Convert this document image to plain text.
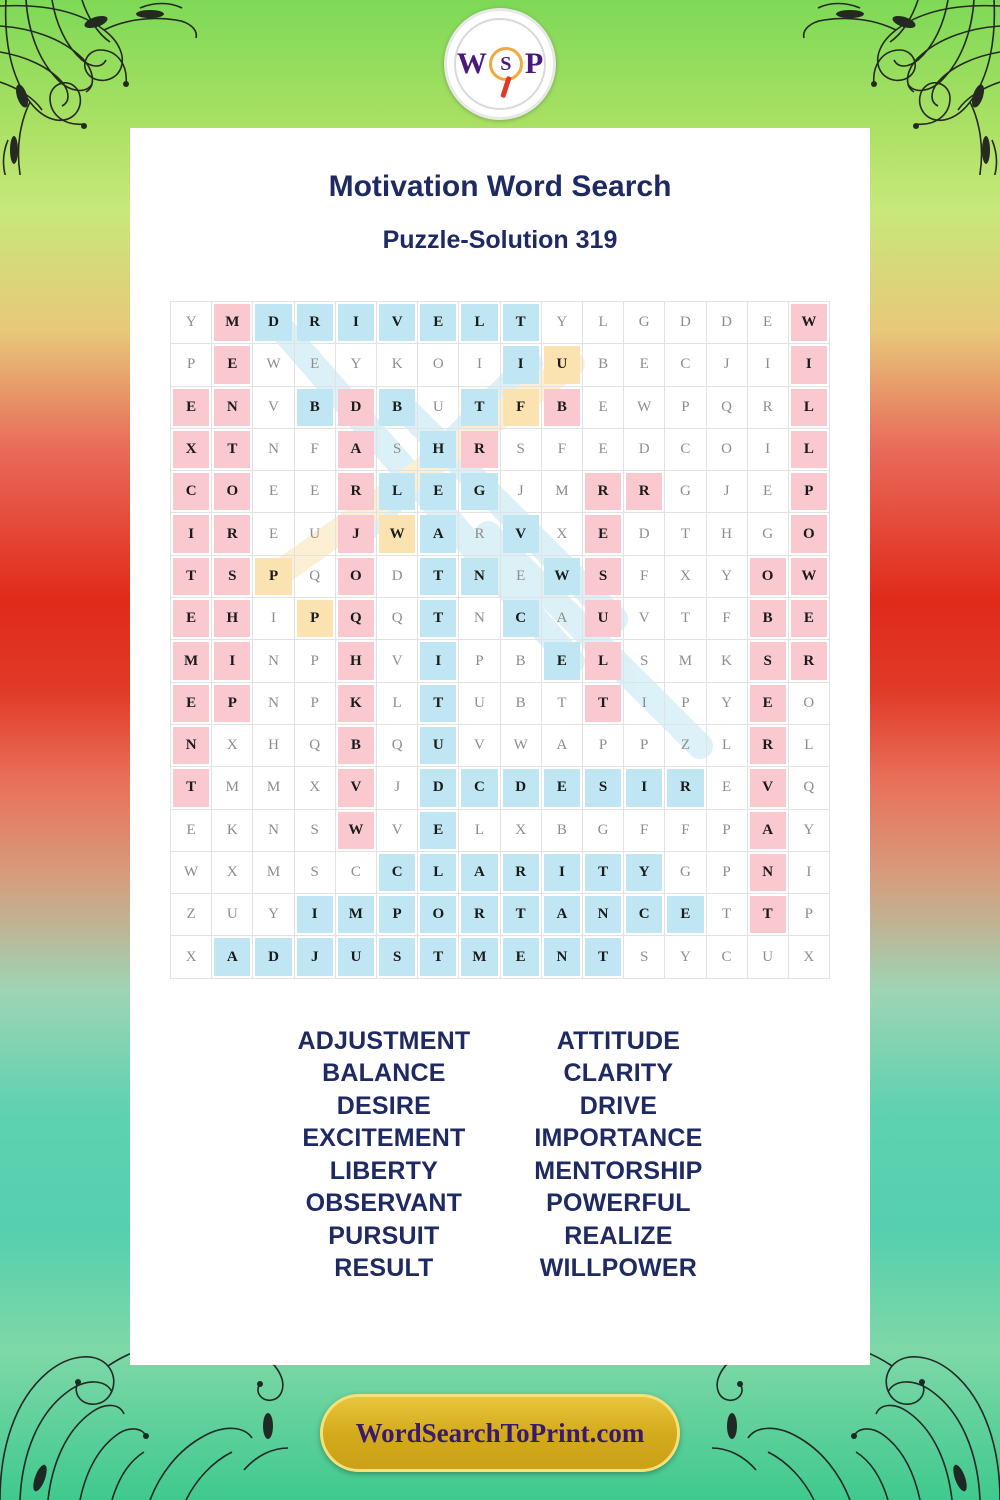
W S P
Motivation Word Search
Puzzle-Solution 319
Y	M	D	R	I	V	E	L	T	Y	L	G	D	D	E	W
P	E	W	E	Y	K	O	I	I	U	B	E	C	J	I	I

E	N	V	B	D	B	U	T	F	B	E	W	P	Q	R	L

X	T	N	F	A	S	H	R	S	F	E	D	C	O	I	L

C	O	E	E	R	L	E	G	J	M	R	R	G	J	E	P

I	R	E	U	J	W	A	R	V	X	E	D	T	H	G	O

T	S	P	Q	O	D	T	N	E	W	S	F	X	Y	O	W

E	H	I	P	Q	Q	T	N	C	A	U	V	T	F	B	E

M	I	N	P	H	V	I	P	B	E	L	S	M	K	S	R

E	P	N	P	K	L	T	U	B	T	T	I	P	Y	E	O

N	X	H	Q	B	Q	U	V	W	A	P	P	Z	L	R	L

T	M	M	X	V	J	D	C	D	E	S	I	R	E	V	Q
E	K	N	S	W	V	E	L	X	B	G	F	F	P	A	Y
W	X	M	S	C	C	L	A	R	I	T	Y	G	P	N	I
Z	U	Y	I	M	P	O	R	T	A	N	C	E	T	T	P
X	A	D	J	U	S	T	M	E	N	T	S	Y	C	U	X
ADJUSTMENT
BALANCE
DESIRE
EXCITEMENT
LIBERTY
OBSERVANT
PURSUIT
RESULT
ATTITUDE
CLARITY
DRIVE
IMPORTANCE
MENTORSHIP
POWERFUL
REALIZE
WILLPOWER
WordSearchToPrint.com
